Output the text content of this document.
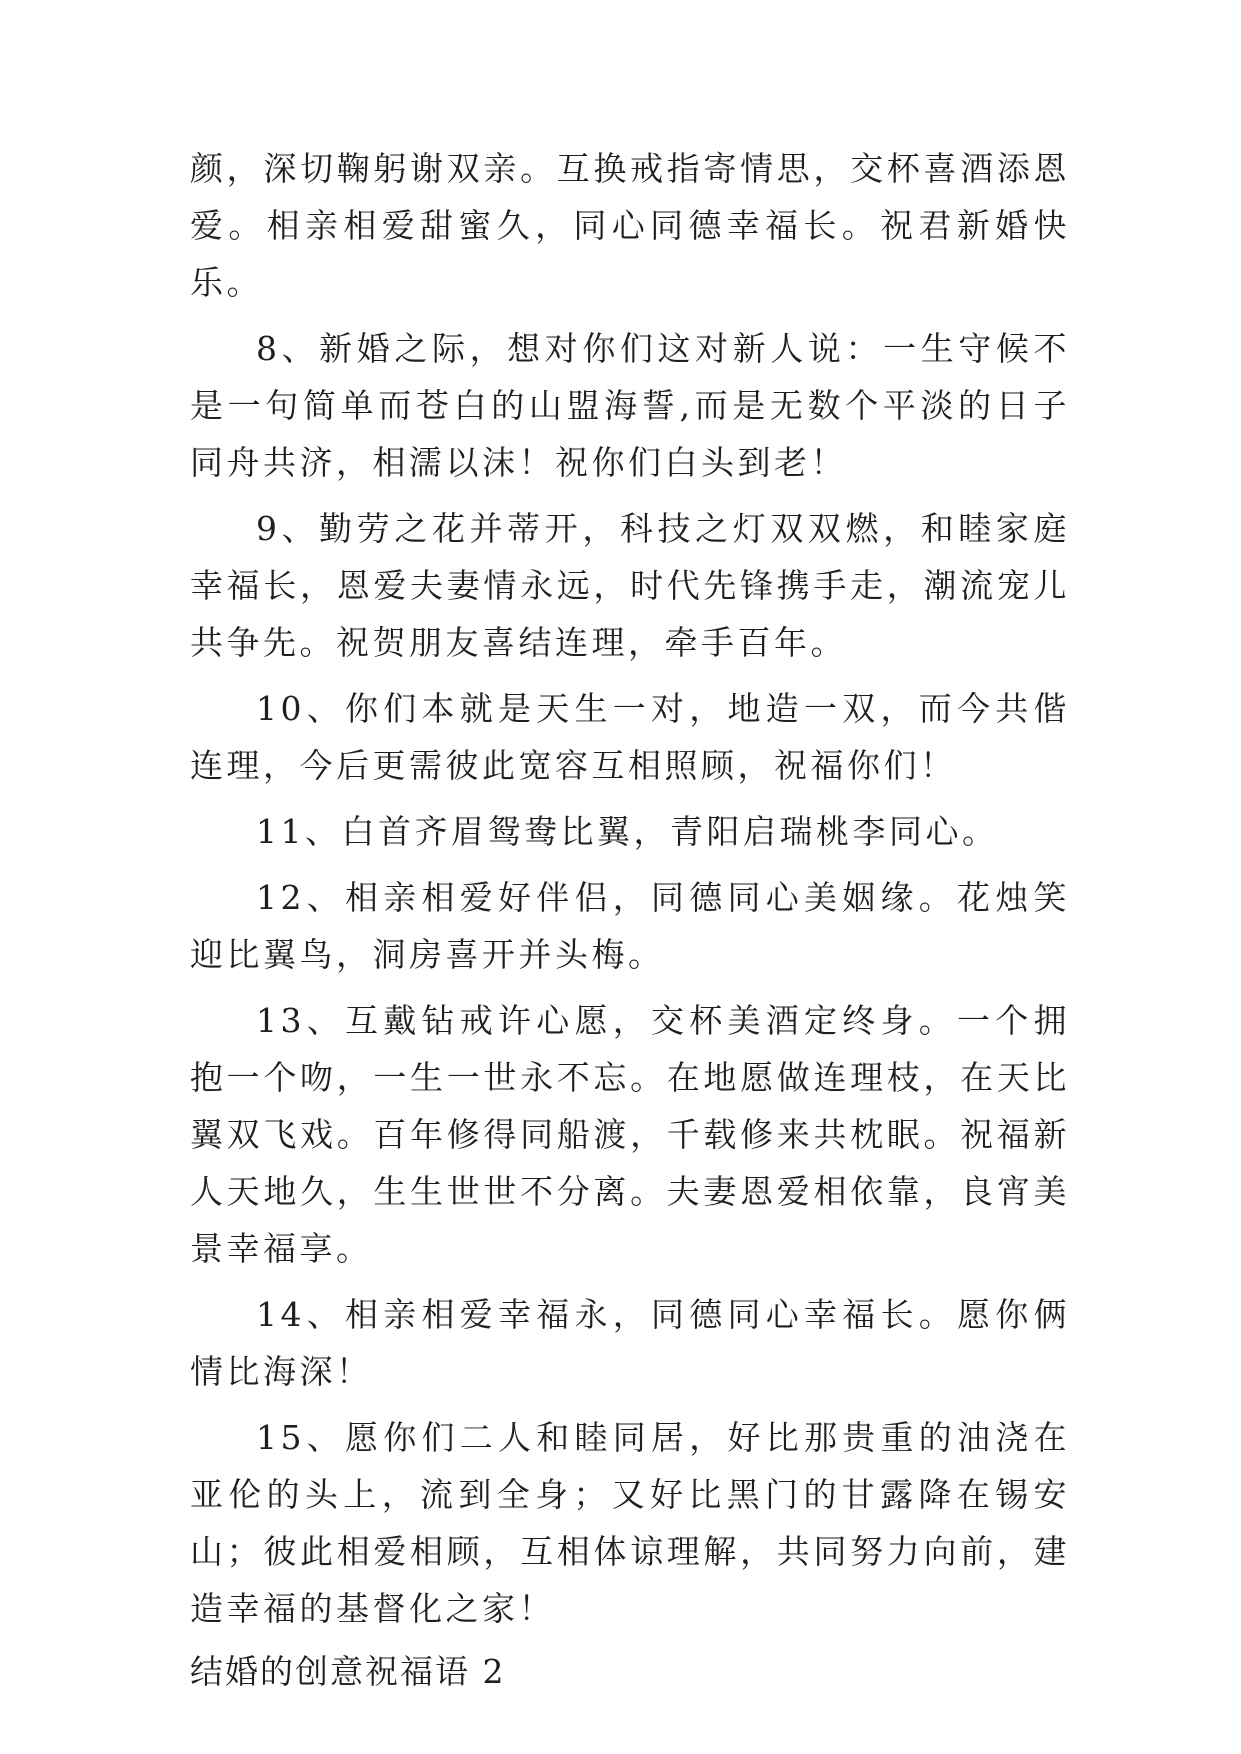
颜，深切鞠躬谢双亲。互换戒指寄情思，交杯喜酒添恩爱。相亲相爱甜蜜久，同心同德幸福长。祝君新婚快乐。

8、新婚之际，想对你们这对新人说：一生守候不是一句简单而苍白的山盟海誓,而是无数个平淡的日子同舟共济，相濡以沫！祝你们白头到老！

9、勤劳之花并蒂开，科技之灯双双燃，和睦家庭幸福长，恩爱夫妻情永远，时代先锋携手走，潮流宠儿共争先。祝贺朋友喜结连理，牵手百年。

10、你们本就是天生一对，地造一双，而今共偕连理，今后更需彼此宽容互相照顾，祝福你们！

11、白首齐眉鸳鸯比翼，青阳启瑞桃李同心。

12、相亲相爱好伴侣，同德同心美姻缘。花烛笑迎比翼鸟，洞房喜开并头梅。

13、互戴钻戒许心愿，交杯美酒定终身。一个拥抱一个吻，一生一世永不忘。在地愿做连理枝，在天比翼双飞戏。百年修得同船渡，千载修来共枕眠。祝福新人天地久，生生世世不分离。夫妻恩爱相依靠，良宵美景幸福享。

14、相亲相爱幸福永，同德同心幸福长。愿你俩情比海深！

15、愿你们二人和睦同居，好比那贵重的油浇在亚伦的头上，流到全身；又好比黑门的甘露降在锡安山；彼此相爱相顾，互相体谅理解，共同努力向前，建造幸福的基督化之家！

结婚的创意祝福语 2
